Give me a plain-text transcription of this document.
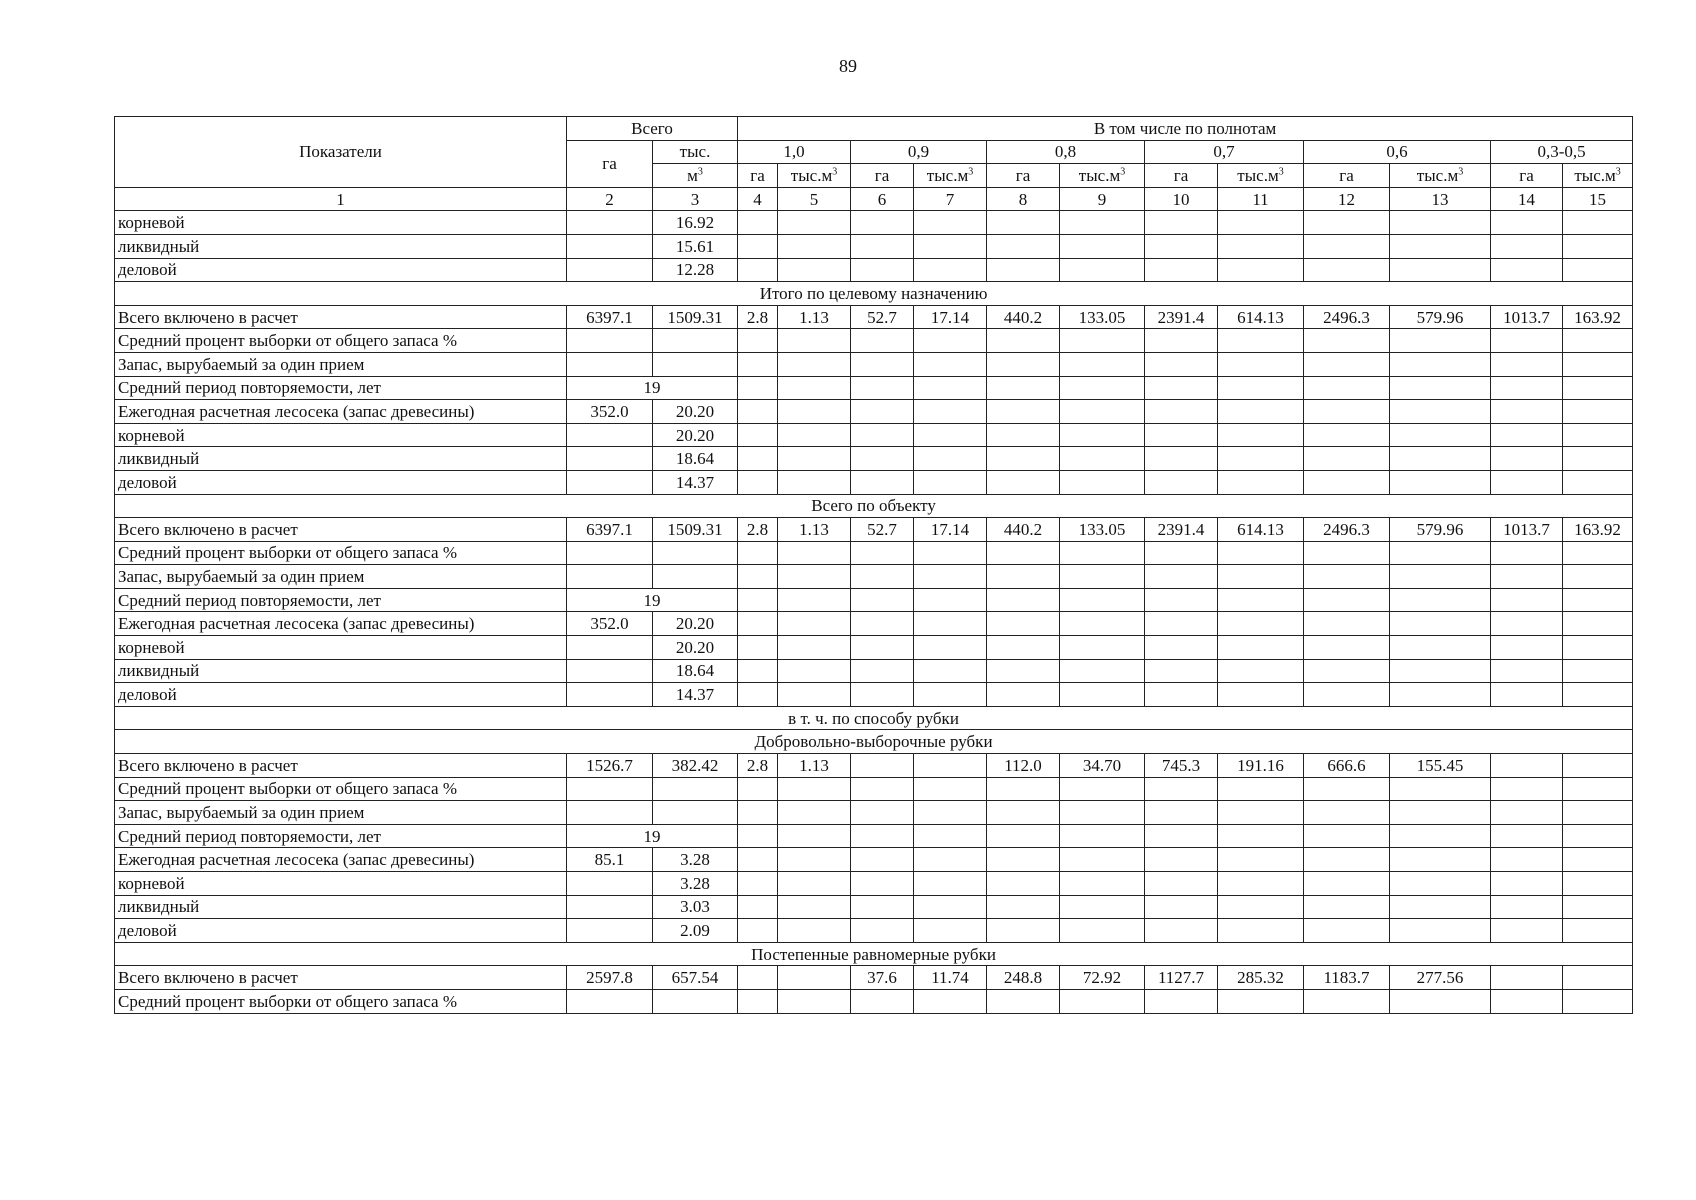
89
Показатели	Всего		В том числе по полнотам											
	га	тыс.	1,0		0,9		0,8		0,7		0,6		0,3-0,5	
		$м^3$	га	$тыс.м^3$	га	$тыс.м^3$	га	$тыс.м^3$	га	$тыс.м^3$	га	$тыс.м^3$	га	$тыс.м^3$
1	2	3	4	5	6	7	8	9	10	11	12	13	14	15
корневой		16.92												
ликвидный		15.61												
деловой		12.28												
Итого по целевому назначению														
Всего включено в расчет	6397.1	1509.31	2.8	1.13	52.7	17.14	440.2	133.05	2391.4	614.13	2496.3	579.96	1013.7	163.92
Средний процент выборки от общего запаса %														
Запас, вырубаемый за один прием														
Средний период повторяемости, лет	19													
Ежегодная расчетная лесосека (запас древесины)	352.0	20.20												
корневой		20.20												
ликвидный		18.64												
деловой		14.37												
Всего по объекту														
Всего включено в расчет	6397.1	1509.31	2.8	1.13	52.7	17.14	440.2	133.05	2391.4	614.13	2496.3	579.96	1013.7	163.92
Средний процент выборки от общего запаса %														
Запас, вырубаемый за один прием														
Средний период повторяемости, лет	19													
Ежегодная расчетная лесосека (запас древесины)	352.0	20.20												
корневой		20.20												
ликвидный		18.64												
деловой		14.37												
в т. ч. по способу рубки														
Добровольно-выборочные рубки														
Всего включено в расчет	1526.7	382.42	2.8	1.13			112.0	34.70	745.3	191.16	666.6	155.45		
Средний процент выборки от общего запаса %														
Запас, вырубаемый за один прием														
Средний период повторяемости, лет	19													
Ежегодная расчетная лесосека (запас древесины)	85.1	3.28												
корневой		3.28												
ликвидный		3.03												
деловой		2.09												
Постепенные равномерные рубки														
Всего включено в расчет	2597.8	657.54			37.6	11.74	248.8	72.92	1127.7	285.32	1183.7	277.56		
Средний процент выборки от общего запаса %														
